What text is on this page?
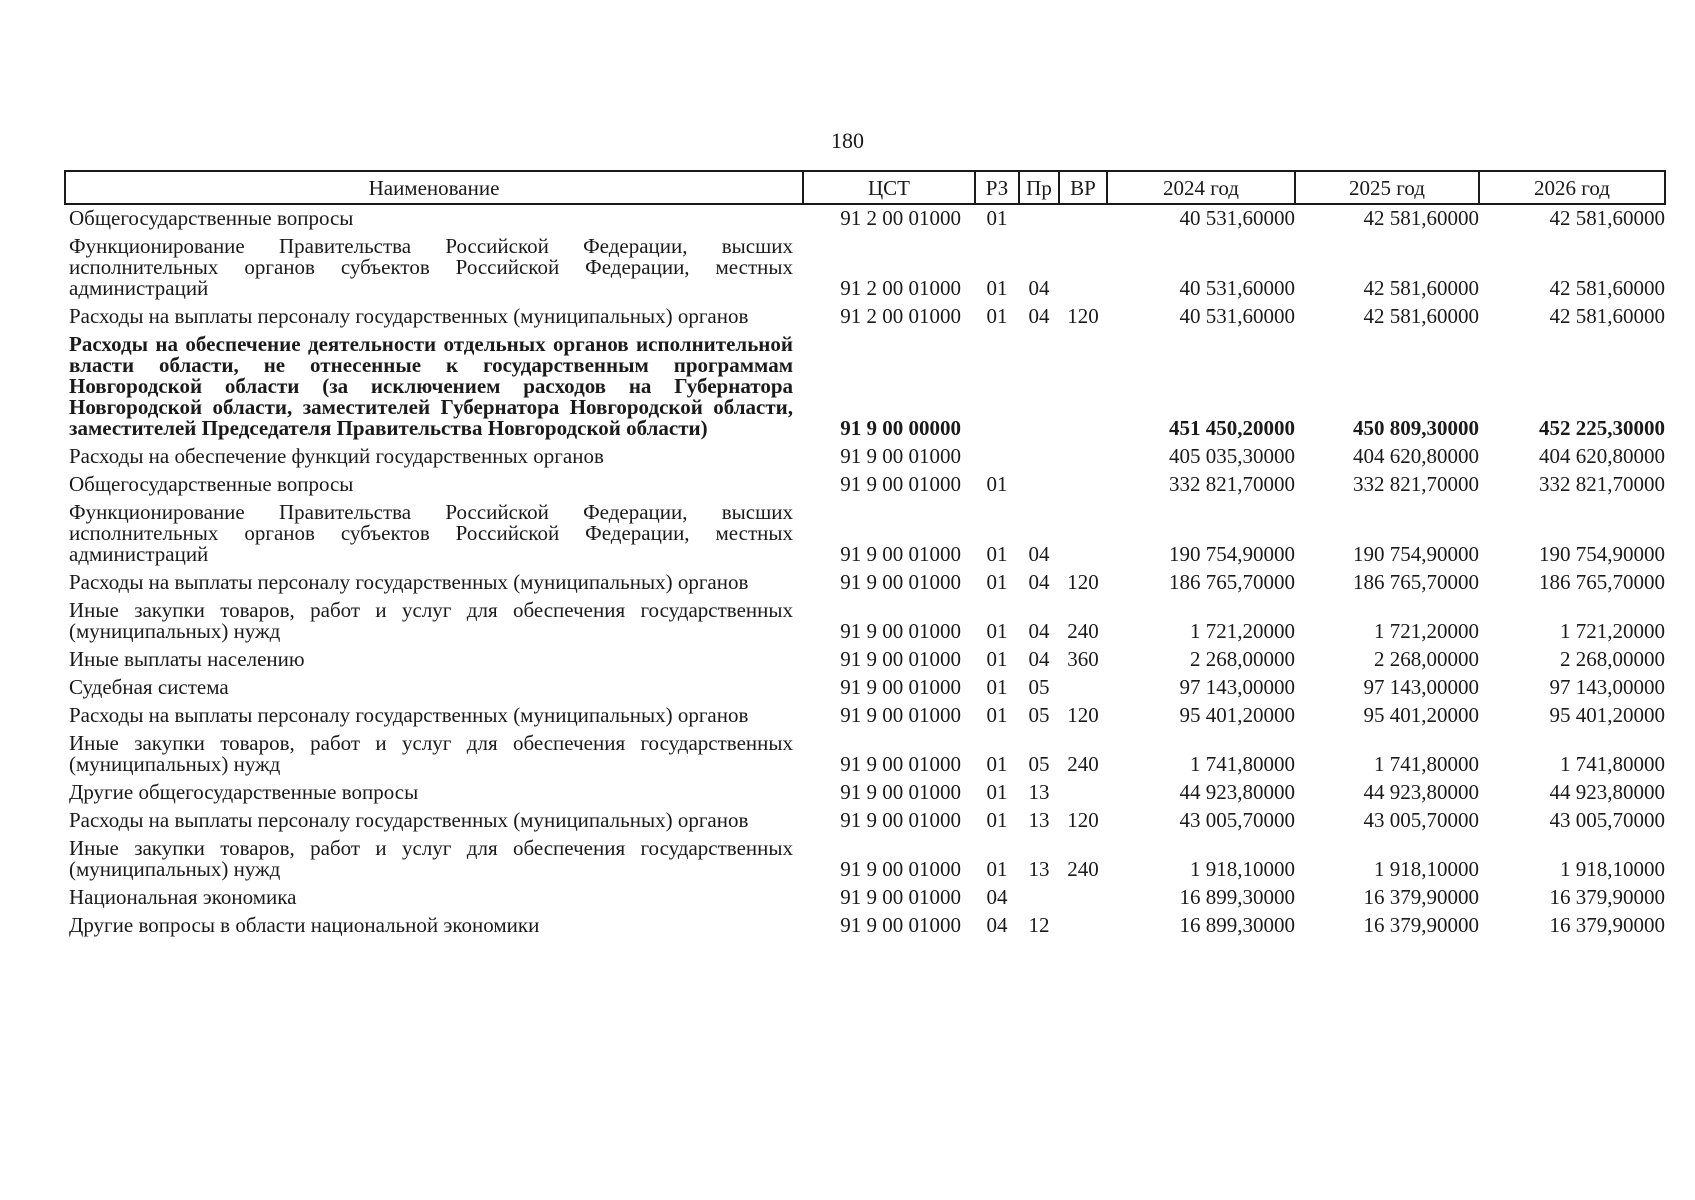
180
Наименование	ЦСТ	РЗ	Пр	ВР	2024 год	2025 год	2026 год
Общегосударственные вопросы	91 2 00 01000	01			40 531,60000	42 581,60000	42 581,60000
Функционирование Правительства Российской Федерации, высших исполнительных органов субъектов Российской Федерации, местных администраций	91 2 00 01000	01	04		40 531,60000	42 581,60000	42 581,60000
Расходы на выплаты персоналу государственных (муниципальных) органов	91 2 00 01000	01	04	120	40 531,60000	42 581,60000	42 581,60000
Расходы на обеспечение деятельности отдельных органов исполнительной власти области, не отнесенные к государственным программам Новгородской области (за исключением расходов на Губернатора Новгородской области, заместителей Губернатора Новгородской области, заместителей Председателя Правительства Новгородской области)	91 9 00 00000				451 450,20000	450 809,30000	452 225,30000
Расходы на обеспечение функций государственных органов	91 9 00 01000				405 035,30000	404 620,80000	404 620,80000
Общегосударственные вопросы	91 9 00 01000	01			332 821,70000	332 821,70000	332 821,70000
Функционирование Правительства Российской Федерации, высших исполнительных органов субъектов Российской Федерации, местных администраций	91 9 00 01000	01	04		190 754,90000	190 754,90000	190 754,90000
Расходы на выплаты персоналу государственных (муниципальных) органов	91 9 00 01000	01	04	120	186 765,70000	186 765,70000	186 765,70000
Иные закупки товаров, работ и услуг для обеспечения государственных (муниципальных) нужд	91 9 00 01000	01	04	240	1 721,20000	1 721,20000	1 721,20000
Иные выплаты населению	91 9 00 01000	01	04	360	2 268,00000	2 268,00000	2 268,00000
Судебная система	91 9 00 01000	01	05		97 143,00000	97 143,00000	97 143,00000
Расходы на выплаты персоналу государственных (муниципальных) органов	91 9 00 01000	01	05	120	95 401,20000	95 401,20000	95 401,20000
Иные закупки товаров, работ и услуг для обеспечения государственных (муниципальных) нужд	91 9 00 01000	01	05	240	1 741,80000	1 741,80000	1 741,80000
Другие общегосударственные вопросы	91 9 00 01000	01	13		44 923,80000	44 923,80000	44 923,80000
Расходы на выплаты персоналу государственных (муниципальных) органов	91 9 00 01000	01	13	120	43 005,70000	43 005,70000	43 005,70000
Иные закупки товаров, работ и услуг для обеспечения государственных (муниципальных) нужд	91 9 00 01000	01	13	240	1 918,10000	1 918,10000	1 918,10000
Национальная экономика	91 9 00 01000	04			16 899,30000	16 379,90000	16 379,90000
Другие вопросы в области национальной экономики	91 9 00 01000	04	12		16 899,30000	16 379,90000	16 379,90000
